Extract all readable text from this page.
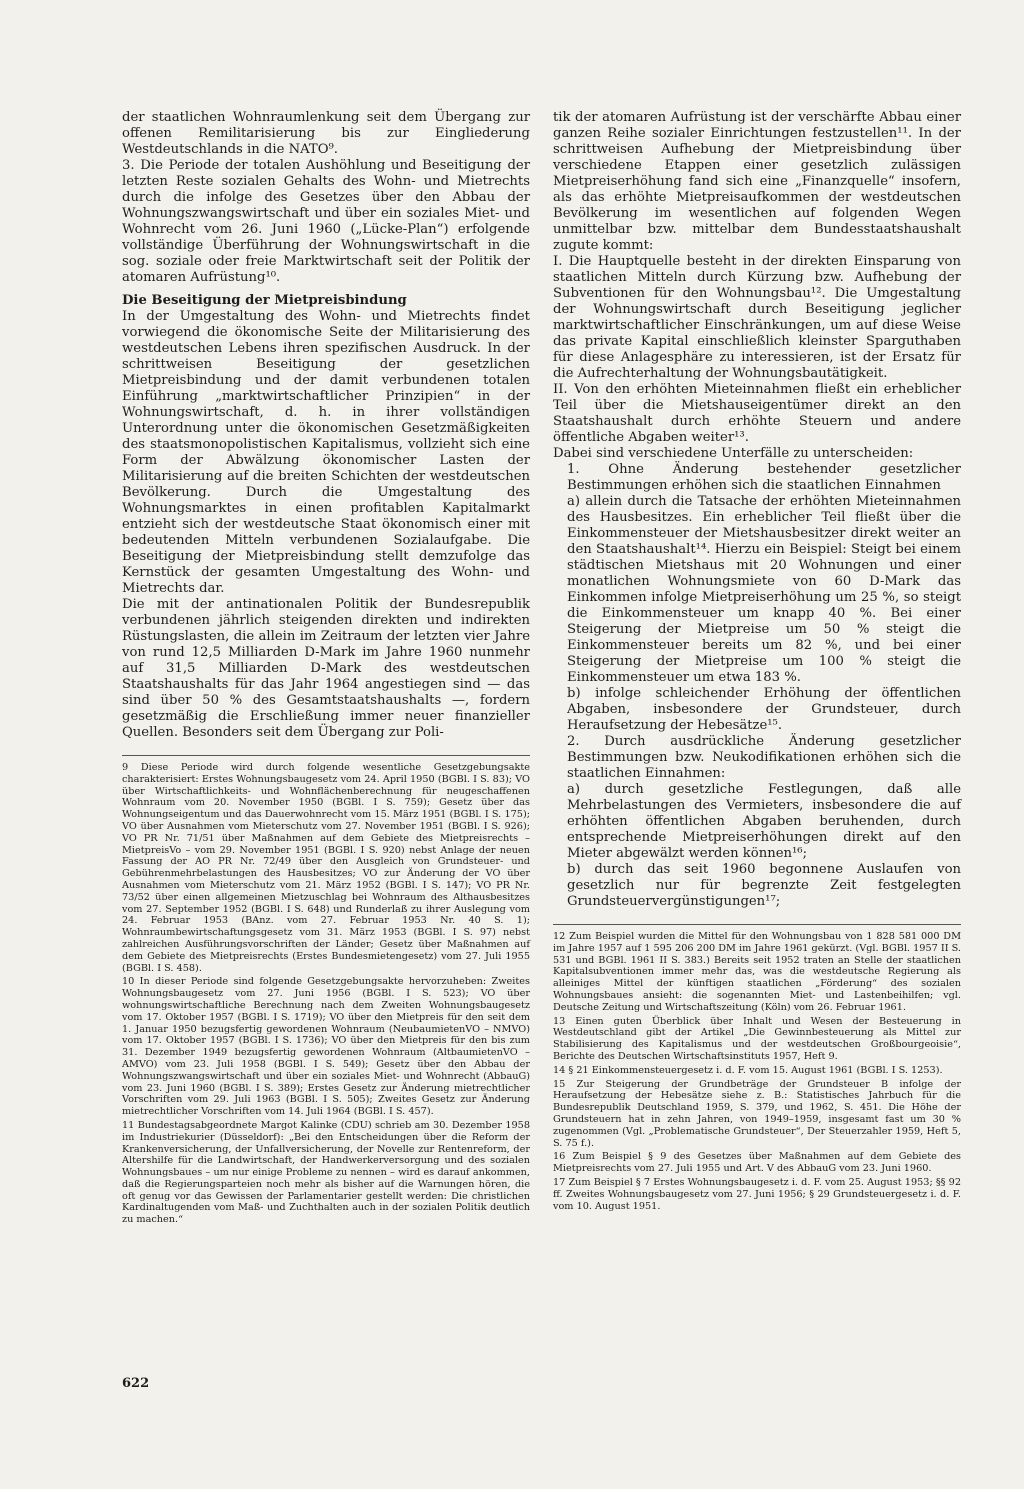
der staatlichen Wohnraumlenkung seit dem Übergang zur offenen Remilitarisierung bis zur Eingliederung Westdeutschlands in die NATO⁹.

3. Die Periode der totalen Aushöhlung und Beseitigung der letzten Reste sozialen Gehalts des Wohn- und Mietrechts durch die infolge des Gesetzes über den Abbau der Wohnungszwangswirtschaft und über ein soziales Miet- und Wohnrecht vom 26. Juni 1960 („Lücke-Plan“) erfolgende vollständige Überführung der Wohnungswirtschaft in die sog. soziale oder freie Marktwirtschaft seit der Politik der atomaren Aufrüstung¹⁰.

Die Beseitigung der Mietpreisbindung

In der Umgestaltung des Wohn- und Mietrechts findet vorwiegend die ökonomische Seite der Militarisierung des westdeutschen Lebens ihren spezifischen Ausdruck. In der schrittweisen Beseitigung der gesetzlichen Mietpreisbindung und der damit verbundenen totalen Einführung „marktwirtschaftlicher Prinzipien“ in der Wohnungswirtschaft, d. h. in ihrer vollständigen Unterordnung unter die ökonomischen Gesetzmäßigkeiten des staatsmonopolistischen Kapitalismus, vollzieht sich eine Form der Abwälzung ökonomischer Lasten der Militarisierung auf die breiten Schichten der westdeutschen Bevölkerung. Durch die Umgestaltung des Wohnungsmarktes in einen profitablen Kapitalmarkt entzieht sich der westdeutsche Staat ökonomisch einer mit bedeutenden Mitteln verbundenen Sozialaufgabe. Die Beseitigung der Mietpreisbindung stellt demzufolge das Kernstück der gesamten Umgestaltung des Wohn- und Mietrechts dar.

Die mit der antinationalen Politik der Bundesrepublik verbundenen jährlich steigenden direkten und indirekten Rüstungslasten, die allein im Zeitraum der letzten vier Jahre von rund 12,5 Milliarden D-Mark im Jahre 1960 nunmehr auf 31,5 Milliarden D-Mark des westdeutschen Staatshaushalts für das Jahr 1964 angestiegen sind — das sind über 50 % des Gesamtstaatshaushalts —, fordern gesetzmäßig die Erschließung immer neuer finanzieller Quellen. Besonders seit dem Übergang zur Poli-

9 Diese Periode wird durch folgende wesentliche Gesetzgebungsakte charakterisiert: Erstes Wohnungsbaugesetz vom 24. April 1950 (BGBl. I S. 83); VO über Wirtschaftlichkeits- und Wohnflächenberechnung für neugeschaffenen Wohnraum vom 20. November 1950 (BGBl. I S. 759); Gesetz über das Wohnungseigentum und das Dauerwohnrecht vom 15. März 1951 (BGBl. I S. 175); VO über Ausnahmen vom Mieterschutz vom 27. November 1951 (BGBl. I S. 926); VO PR Nr. 71/51 über Maßnahmen auf dem Gebiete des Mietpreisrechts – MietpreisVo – vom 29. November 1951 (BGBl. I S. 920) nebst Anlage der neuen Fassung der AO PR Nr. 72/49 über den Ausgleich von Grundsteuer- und Gebührenmehrbelastungen des Hausbesitzes; VO zur Änderung der VO über Ausnahmen vom Mieterschutz vom 21. März 1952 (BGBl. I S. 147); VO PR Nr. 73/52 über einen allgemeinen Mietzuschlag bei Wohnraum des Althausbesitzes vom 27. September 1952 (BGBl. I S. 648) und Runderlaß zu ihrer Auslegung vom 24. Februar 1953 (BAnz. vom 27. Februar 1953 Nr. 40 S. 1); Wohnraumbewirtschaftungsgesetz vom 31. März 1953 (BGBl. I S. 97) nebst zahlreichen Ausführungsvorschriften der Länder; Gesetz über Maßnahmen auf dem Gebiete des Mietpreisrechts (Erstes Bundesmietengesetz) vom 27. Juli 1955 (BGBl. I S. 458).

10 In dieser Periode sind folgende Gesetzgebungsakte hervorzuheben: Zweites Wohnungsbaugesetz vom 27. Juni 1956 (BGBl. I S. 523); VO über wohnungswirtschaftliche Berechnung nach dem Zweiten Wohnungsbaugesetz vom 17. Oktober 1957 (BGBl. I S. 1719); VO über den Mietpreis für den seit dem 1. Januar 1950 bezugsfertig gewordenen Wohnraum (NeubaumietenVO – NMVO) vom 17. Oktober 1957 (BGBl. I S. 1736); VO über den Mietpreis für den bis zum 31. Dezember 1949 bezugsfertig gewordenen Wohnraum (AltbaumietenVO – AMVO) vom 23. Juli 1958 (BGBl. I S. 549); Gesetz über den Abbau der Wohnungszwangswirtschaft und über ein soziales Miet- und Wohnrecht (AbbauG) vom 23. Juni 1960 (BGBl. I S. 389); Erstes Gesetz zur Änderung mietrechtlicher Vorschriften vom 29. Juli 1963 (BGBl. I S. 505); Zweites Gesetz zur Änderung mietrechtlicher Vorschriften vom 14. Juli 1964 (BGBl. I S. 457).

11 Bundestagsabgeordnete Margot Kalinke (CDU) schrieb am 30. Dezember 1958 im Industriekurier (Düsseldorf): „Bei den Entscheidungen über die Reform der Krankenversicherung, der Unfallversicherung, der Novelle zur Rentenreform, der Altershilfe für die Landwirtschaft, der Handwerkerversorgung und des sozialen Wohnungsbaues – um nur einige Probleme zu nennen – wird es darauf ankommen, daß die Regierungsparteien noch mehr als bisher auf die Warnungen hören, die oft genug vor das Gewissen der Parlamentarier gestellt werden: Die christlichen Kardinaltugenden vom Maß- und Zuchthalten auch in der sozialen Politik deutlich zu machen.“

tik der atomaren Aufrüstung ist der verschärfte Abbau einer ganzen Reihe sozialer Einrichtungen festzustellen¹¹. In der schrittweisen Aufhebung der Mietpreisbindung über verschiedene Etappen einer gesetzlich zulässigen Mietpreiserhöhung fand sich eine „Finanzquelle“ insofern, als das erhöhte Mietpreisaufkommen der westdeutschen Bevölkerung im wesentlichen auf folgenden Wegen unmittelbar bzw. mittelbar dem Bundesstaatshaushalt zugute kommt:

I. Die Hauptquelle besteht in der direkten Einsparung von staatlichen Mitteln durch Kürzung bzw. Aufhebung der Subventionen für den Wohnungsbau¹². Die Umgestaltung der Wohnungswirtschaft durch Beseitigung jeglicher marktwirtschaftlicher Einschränkungen, um auf diese Weise das private Kapital einschließlich kleinster Sparguthaben für diese Anlagesphäre zu interessieren, ist der Ersatz für die Aufrechterhaltung der Wohnungsbautätigkeit.

II. Von den erhöhten Mieteinnahmen fließt ein erheblicher Teil über die Mietshauseigentümer direkt an den Staatshaushalt durch erhöhte Steuern und andere öffentliche Abgaben weiter¹³.

Dabei sind verschiedene Unterfälle zu unterscheiden:

1. Ohne Änderung bestehender gesetzlicher Bestimmungen erhöhen sich die staatlichen Einnahmen

a) allein durch die Tatsache der erhöhten Mieteinnahmen des Hausbesitzes. Ein erheblicher Teil fließt über die Einkommensteuer der Mietshausbesitzer direkt weiter an den Staatshaushalt¹⁴. Hierzu ein Beispiel: Steigt bei einem städtischen Mietshaus mit 20 Wohnungen und einer monatlichen Wohnungsmiete von 60 D-Mark das Einkommen infolge Mietpreiserhöhung um 25 %, so steigt die Einkommensteuer um knapp 40 %. Bei einer Steigerung der Mietpreise um 50 % steigt die Einkommensteuer bereits um 82 %, und bei einer Steigerung der Mietpreise um 100 % steigt die Einkommensteuer um etwa 183 %.

b) infolge schleichender Erhöhung der öffentlichen Abgaben, insbesondere der Grundsteuer, durch Heraufsetzung der Hebesätze¹⁵.

2. Durch ausdrückliche Änderung gesetzlicher Bestimmungen bzw. Neukodifikationen erhöhen sich die staatlichen Einnahmen:

a) durch gesetzliche Festlegungen, daß alle Mehrbelastungen des Vermieters, insbesondere die auf erhöhten öffentlichen Abgaben beruhenden, durch entsprechende Mietpreiserhöhungen direkt auf den Mieter abgewälzt werden können¹⁶;

b) durch das seit 1960 begonnene Auslaufen von gesetzlich nur für begrenzte Zeit festgelegten Grundsteuervergünstigungen¹⁷;

12 Zum Beispiel wurden die Mittel für den Wohnungsbau von 1 828 581 000 DM im Jahre 1957 auf 1 595 206 200 DM im Jahre 1961 gekürzt. (Vgl. BGBl. 1957 II S. 531 und BGBl. 1961 II S. 383.) Bereits seit 1952 traten an Stelle der staatlichen Kapitalsubventionen immer mehr das, was die westdeutsche Regierung als alleiniges Mittel der künftigen staatlichen „Förderung“ des sozialen Wohnungsbaues ansieht: die sogenannten Miet- und Lastenbeihilfen; vgl. Deutsche Zeitung und Wirtschaftszeitung (Köln) vom 26. Februar 1961.

13 Einen guten Überblick über Inhalt und Wesen der Besteuerung in Westdeutschland gibt der Artikel „Die Gewinnbesteuerung als Mittel zur Stabilisierung des Kapitalismus und der westdeutschen Großbourgeoisie“, Berichte des Deutschen Wirtschaftsinstituts 1957, Heft 9.

14 § 21 Einkommensteuergesetz i. d. F. vom 15. August 1961 (BGBl. I S. 1253).

15 Zur Steigerung der Grundbeträge der Grundsteuer B infolge der Heraufsetzung der Hebesätze siehe z. B.: Statistisches Jahrbuch für die Bundesrepublik Deutschland 1959, S. 379, und 1962, S. 451. Die Höhe der Grundsteuern hat in zehn Jahren, von 1949–1959, insgesamt fast um 30 % zugenommen (Vgl. „Problematische Grundsteuer“, Der Steuerzahler 1959, Heft 5, S. 75 f.).

16 Zum Beispiel § 9 des Gesetzes über Maßnahmen auf dem Gebiete des Mietpreisrechts vom 27. Juli 1955 und Art. V des AbbauG vom 23. Juni 1960.

17 Zum Beispiel § 7 Erstes Wohnungsbaugesetz i. d. F. vom 25. August 1953; §§ 92 ff. Zweites Wohnungsbaugesetz vom 27. Juni 1956; § 29 Grundsteuergesetz i. d. F. vom 10. August 1951.

622
